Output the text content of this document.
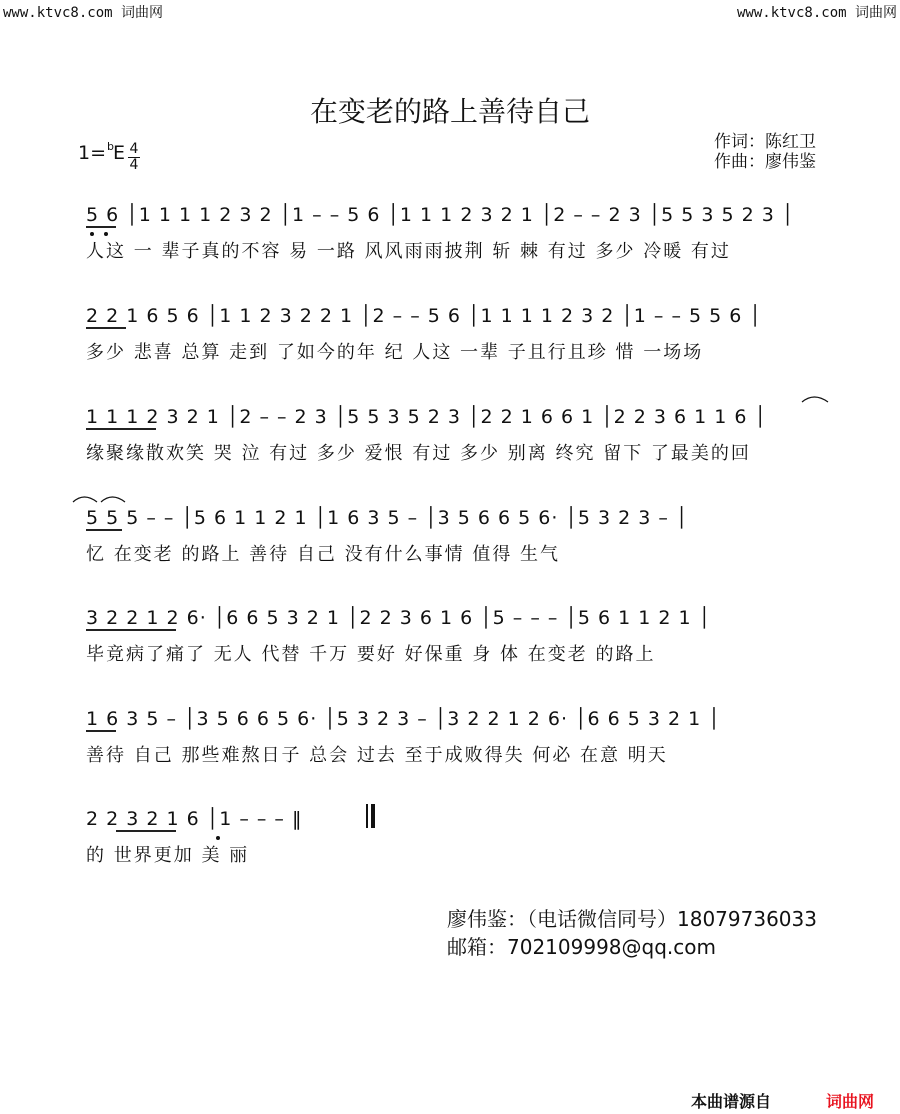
www.ktvc8.com 词曲网	www.ktvc8.com 词曲网
在变老的路上善待自己
1=$^b$E 4
4
作词：陈红卫
作曲：廖伟鉴
5 6 │1 1 1 1 2 3 2 │1 – – 5 6 │1 1 1 2 3 2 1 │2 – – 2 3 │5 5 3 5 2 3 │
人这 一 辈子真的不容 易 一路 风风雨雨披荆 斩 棘 有过 多少 冷暖 有过
2 2 1 6 5 6 │1 1 2 3 2 2 1 │2 – – 5 6 │1 1 1 1 2 3 2 │1 – – 5 5 6 │
多少 悲喜 总算 走到 了如今的年 纪 人这 一辈 子且行且珍 惜 一场场
1 1 1 2 3 2 1 │2 – – 2 3 │5 5 3 5 2 3 │2 2 1 6 6 1 │2 2 3 6 1 1 6 │
缘聚缘散欢笑 哭 泣 有过 多少 爱恨 有过 多少 别离 终究 留下 了最美的回
5 5 5 – – │5 6 1 1 2 1 │1 6 3 5 – │3 5 6 6 5 6· │5 3 2 3 – │
忆 在变老 的路上 善待 自己 没有什么事情 值得 生气
3 2 2 1 2 6· │6 6 5 3 2 1 │2 2 3 6 1 6 │5 – – – │5 6 1 1 2 1 │
毕竟病了痛了 无人 代替 千万 要好 好保重 身 体 在变老 的路上
1 6 3 5 – │3 5 6 6 5 6· │5 3 2 3 – │3 2 2 1 2 6· │6 6 5 3 2 1 │
善待 自己 那些难熬日子 总会 过去 至于成败得失 何必 在意 明天
2 2 3 2 1 6 │1 – – – ‖
的 世界更加 美 丽
廖伟鉴：（电话微信同号）18079736033
邮箱：702109998@qq.com
本曲谱源自	词曲网
